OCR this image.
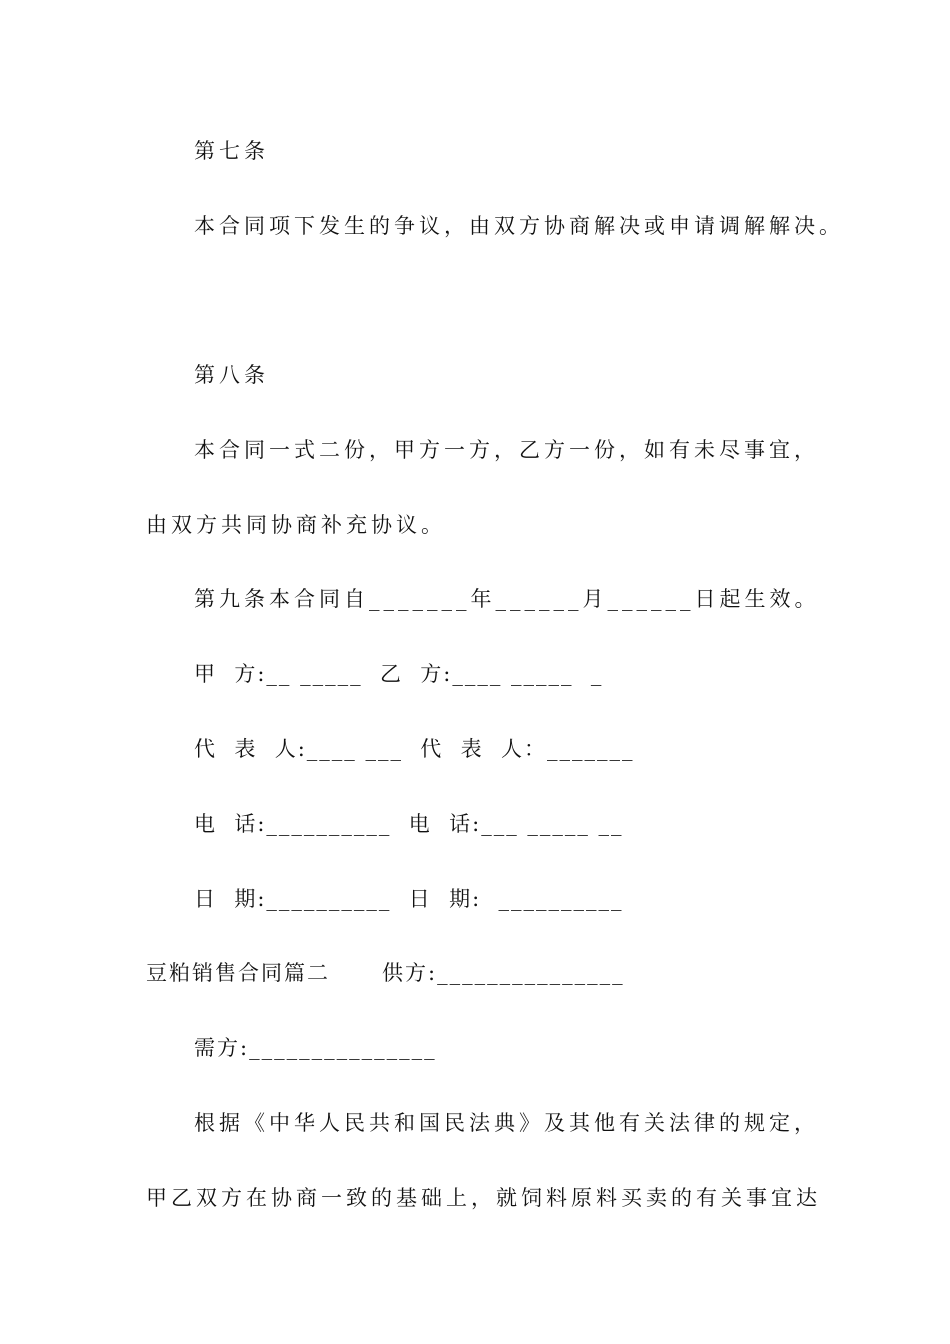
第七条

本合同项下发生的争议，由双方协商解决或申请调解解决。

第八条

本合同一式二份，甲方一方，乙方一份，如有未尽事宜，

由双方共同协商补充协议。

第九条本合同自_______年______月______日起生效。

甲  方:__ _____  乙  方:____ _____  _

代  表  人:____ ___  代  表  人：_______

电  话:__________  电  话:___ _____ __

日  期:__________  日  期:  __________

豆粕销售合同篇二      供方:_______________

需方:_______________

根据《中华人民共和国民法典》及其他有关法律的规定，

甲乙双方在协商一致的基础上，就饲料原料买卖的有关事宜达
